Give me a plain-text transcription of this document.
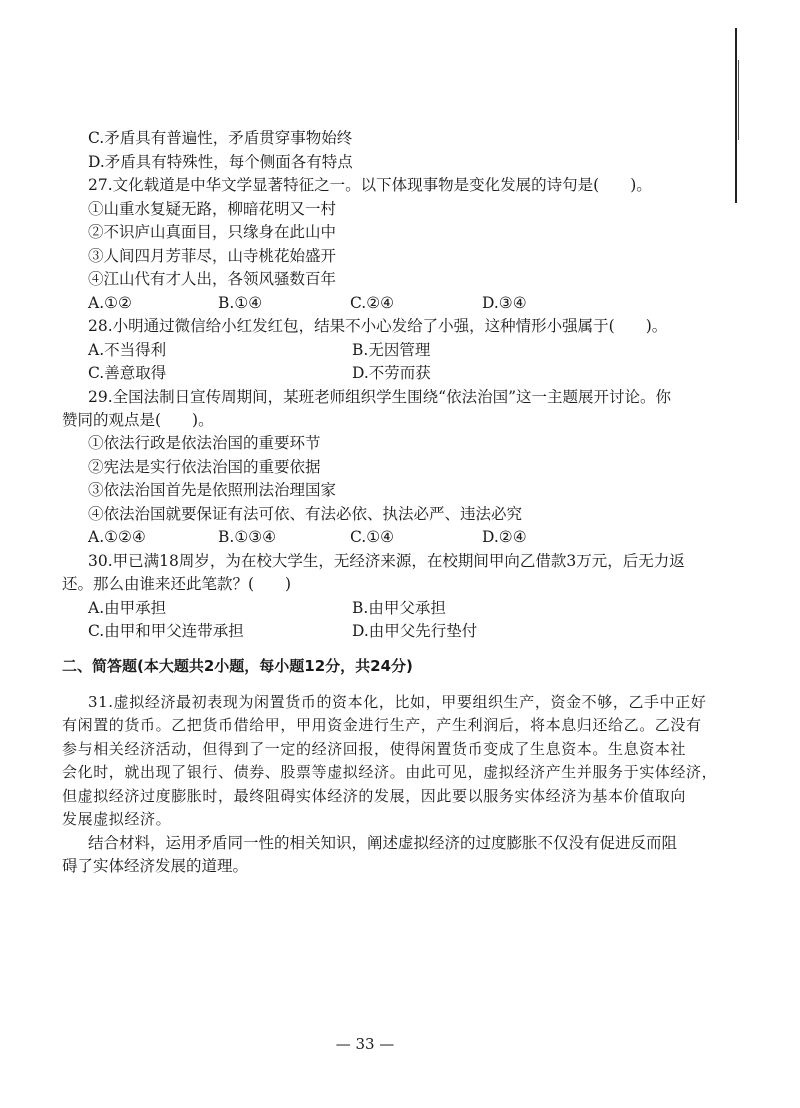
C.矛盾具有普遍性，矛盾贯穿事物始终
D.矛盾具有特殊性，每个侧面各有特点
27.文化载道是中华文学显著特征之一。以下体现事物是变化发展的诗句是(　　)。
①山重水复疑无路，柳暗花明又一村
②不识庐山真面目，只缘身在此山中
③人间四月芳菲尽，山寺桃花始盛开
④江山代有才人出，各领风骚数百年
A.①②	B.①④	C.②④	D.③④
28.小明通过微信给小红发红包，结果不小心发给了小强，这种情形小强属于(　　)。
A.不当得利	B.无因管理
C.善意取得	D.不劳而获
29.全国法制日宣传周期间，某班老师组织学生围绕“依法治国”这一主题展开讨论。你
赞同的观点是(　　)。
①依法行政是依法治国的重要环节
②宪法是实行依法治国的重要依据
③依法治国首先是依照刑法治理国家
④依法治国就要保证有法可依、有法必依、执法必严、违法必究
A.①②④	B.①③④	C.①④	D.②④
30.甲已满18周岁，为在校大学生，无经济来源，在校期间甲向乙借款3万元，后无力返
还。那么由谁来还此笔款？(　　)
A.由甲承担	B.由甲父承担
C.由甲和甲父连带承担	D.由甲父先行垫付
二、简答题(本大题共2小题，每小题12分，共24分)
31.虚拟经济最初表现为闲置货币的资本化，比如，甲要组织生产，资金不够，乙手中正好
有闲置的货币。乙把货币借给甲，甲用资金进行生产，产生利润后，将本息归还给乙。乙没有
参与相关经济活动，但得到了一定的经济回报，使得闲置货币变成了生息资本。生息资本社
会化时，就出现了银行、债券、股票等虚拟经济。由此可见，虚拟经济产生并服务于实体经济，
但虚拟经济过度膨胀时，最终阻碍实体经济的发展，因此要以服务实体经济为基本价值取向
发展虚拟经济。
结合材料，运用矛盾同一性的相关知识，阐述虚拟经济的过度膨胀不仅没有促进反而阻
碍了实体经济发展的道理。
— 33 —
